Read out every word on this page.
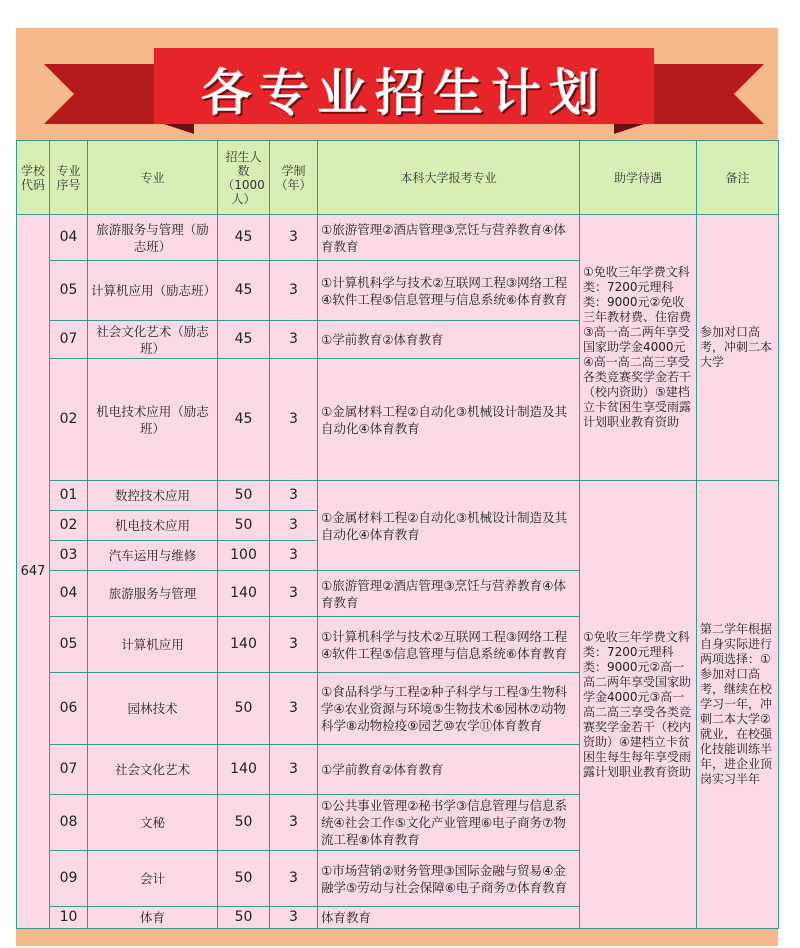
各专业招生计划
学校代码	专业序号	专业	招生人数（1000人）	学制（年）	本科大学报考专业	助学待遇	备注
647	04	旅游服务与管理（励志班）	45	3	①旅游管理②酒店管理③烹饪与营养教育④体育教育	①免收三年学费文科类：7200元理科类：9000元②免收三年教材费、住宿费③高一高二两年享受国家助学金4000元④高一高二高三享受各类竞赛奖学金若干（校内资助）⑤建档立卡贫困生享受雨露计划职业教育资助	参加对口高考，冲刺二本大学
	05	计算机应用（励志班）	45	3	①计算机科学与技术②互联网工程③网络工程④软件工程⑤信息管理与信息系统⑥体育教育		
	07	社会文化艺术（励志班）	45	3	①学前教育②体育教育		
	02	机电技术应用（励志班）	45	3	①金属材料工程②自动化③机械设计制造及其自动化④体育教育		
	01	数控技术应用	50	3	①金属材料工程②自动化③机械设计制造及其自动化④体育教育	①免收三年学费文科类：7200元理科类：9000元②高一高二两年享受国家助学金4000元③高一高二高三享受各类竞赛奖学金若干（校内资助）④建档立卡贫困生每生每年享受雨露计划职业教育资助	第二学年根据自身实际进行两项选择：①参加对口高考，继续在校学习一年，冲刺二本大学②就业，在校强化技能训练半年，进企业顶岗实习半年
	02	机电技术应用	50	3			
	03	汽车运用与维修	100	3			
	04	旅游服务与管理	140	3	①旅游管理②酒店管理③烹饪与营养教育④体育教育		
	05	计算机应用	140	3	①计算机科学与技术②互联网工程③网络工程④软件工程⑤信息管理与信息系统⑥体育教育		
	06	园林技术	50	3	①食品科学与工程②种子科学与工程③生物科学④农业资源与环境⑤生物技术⑥园林⑦动物科学⑧动物检疫⑨园艺⑩农学⑪体育教育		
	07	社会文化艺术	140	3	①学前教育②体育教育		
	08	文秘	50	3	①公共事业管理②秘书学③信息管理与信息系统④社会工作⑤文化产业管理⑥电子商务⑦物流工程⑧体育教育		
	09	会计	50	3	①市场营销②财务管理③国际金融与贸易④金融学⑤劳动与社会保障⑥电子商务⑦体育教育		
	10	体育	50	3	体育教育		
